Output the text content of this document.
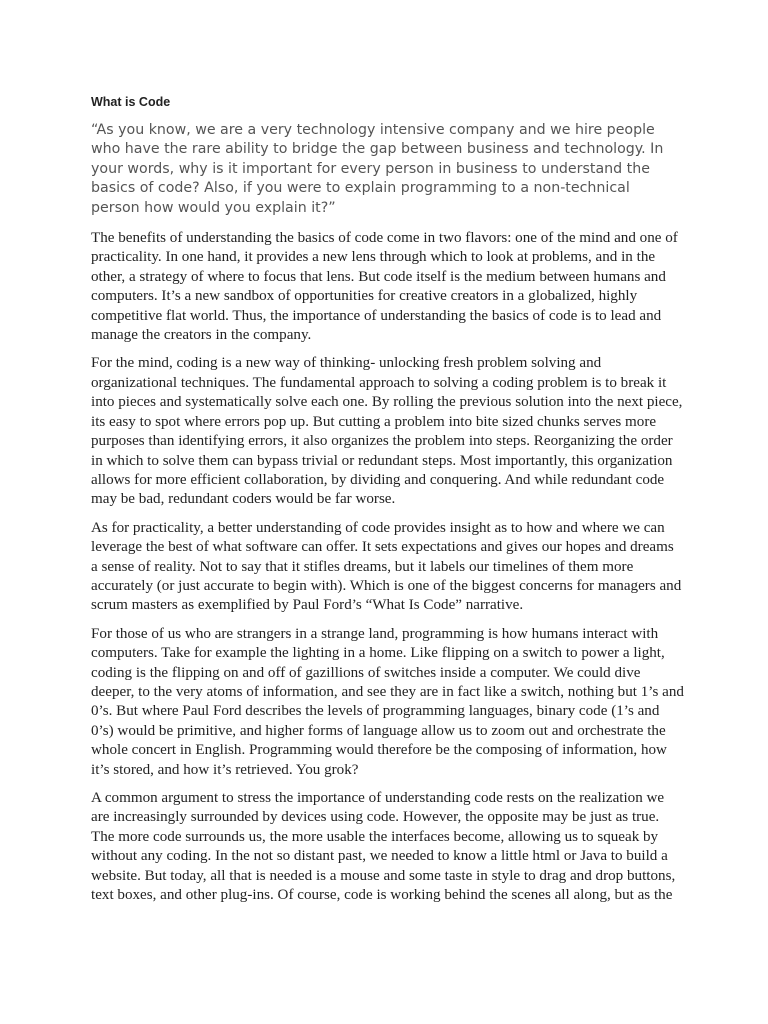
What is Code

“As you know, we are a very technology intensive company and we hire people who have the rare ability to bridge the gap between business and technology. In your words, why is it important for every person in business to understand the basics of code? Also, if you were to explain programming to a non-technical person how would you explain it?”

The benefits of understanding the basics of code come in two flavors: one of the mind and one of practicality. In one hand, it provides a new lens through which to look at problems, and in the other, a strategy of where to focus that lens. But code itself is the medium between humans and computers. It’s a new sandbox of opportunities for creative creators in a globalized, highly competitive flat world. Thus, the importance of understanding the basics of code is to lead and manage the creators in the company.

For the mind, coding is a new way of thinking- unlocking fresh problem solving and organizational techniques. The fundamental approach to solving a coding problem is to break it into pieces and systematically solve each one. By rolling the previous solution into the next piece, its easy to spot where errors pop up. But cutting a problem into bite sized chunks serves more purposes than identifying errors, it also organizes the problem into steps. Reorganizing the order in which to solve them can bypass trivial or redundant steps. Most importantly, this organization allows for more efficient collaboration, by dividing and conquering. And while redundant code may be bad, redundant coders would be far worse.

As for practicality, a better understanding of code provides insight as to how and where we can leverage the best of what software can offer. It sets expectations and gives our hopes and dreams a sense of reality. Not to say that it stifles dreams, but it labels our timelines of them more accurately (or just accurate to begin with). Which is one of the biggest concerns for managers and scrum masters as exemplified by Paul Ford’s “What Is Code” narrative.

For those of us who are strangers in a strange land, programming is how humans interact with computers. Take for example the lighting in a home. Like flipping on a switch to power a light, coding is the flipping on and off of gazillions of switches inside a computer. We could dive deeper, to the very atoms of information, and see they are in fact like a switch, nothing but 1’s and 0’s. But where Paul Ford describes the levels of programming languages, binary code (1’s and 0’s) would be primitive, and higher forms of language allow us to zoom out and orchestrate the whole concert in English. Programming would therefore be the composing of information, how it’s stored, and how it’s retrieved. You grok?

A common argument to stress the importance of understanding code rests on the realization we are increasingly surrounded by devices using code. However, the opposite may be just as true. The more code surrounds us, the more usable the interfaces become, allowing us to squeak by without any coding. In the not so distant past, we needed to know a little html or Java to build a website. But today, all that is needed is a mouse and some taste in style to drag and drop buttons, text boxes, and other plug-ins. Of course, code is working behind the scenes all along, but as the
